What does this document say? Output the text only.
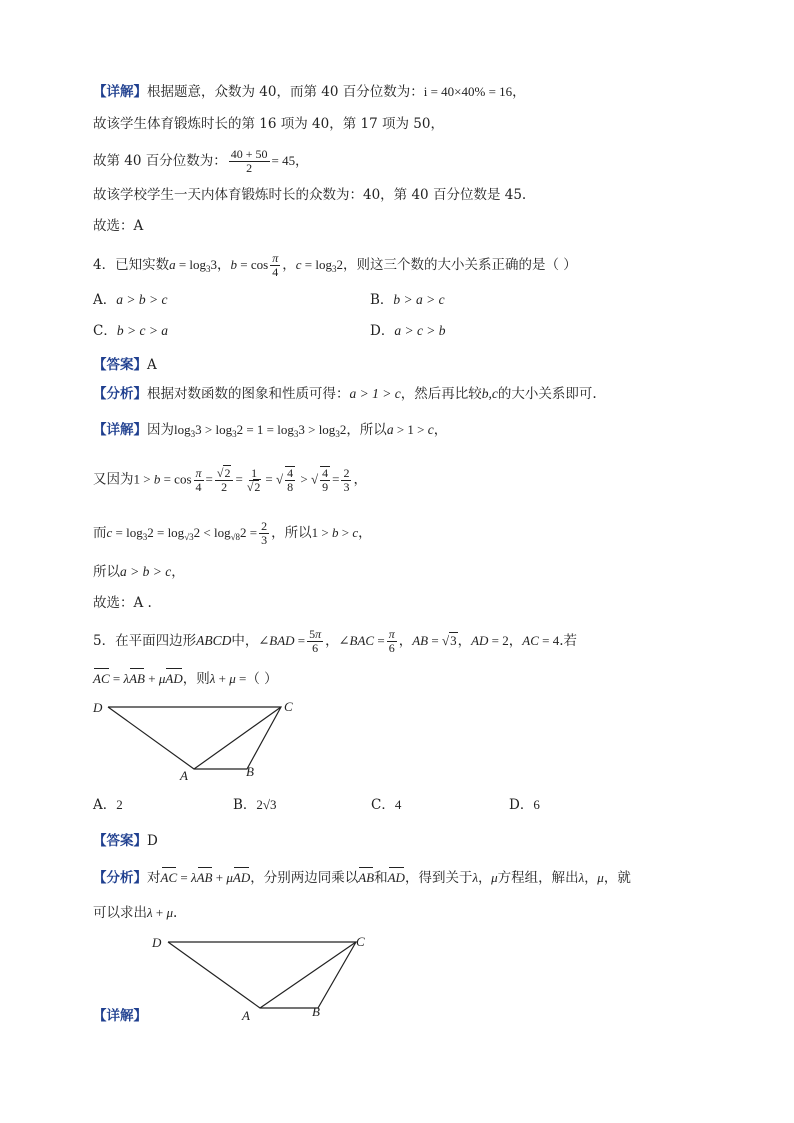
【详解】根据题意，众数为 40，而第 40 百分位数为：i = 40×40% = 16，
故该学生体育锻炼时长的第 16 项为 40，第 17 项为 50，
故第 40 百分位数为： $\frac{40 + 50}{2} = 45$，
故该学校学生一天内体育锻炼时长的众数为：40，第 40 百分位数是 45.
故选：A
4．已知实数$a = \log_33$，$b = \cos \frac{\pi}{4}$ ，$c = \log_32$，则这三个数的大小关系正确的是（ ）
A．a > b > c	B．b > a > c
C．b > c > a	D．a > c > b
【答案】A
【分析】根据对数函数的图象和性质可得：a > 1 > c，然后再比较b,c的大小关系即可.
【详解】因为$\log_33 > \log_32 = 1 = \log_33 > \log_32$，所以a > 1 > c，
又因为$1 > b = \cos \frac{\pi}{4} = \frac{√2}{2} = \frac{1}{√2}$ = √ $\frac{4}{8}$ > √ $\frac{4}{9} = \frac{2}{3}$ ，
而$c = \log_32 = \log_{√3}2 < \log_{√8}2 = \frac{2}{3}$ ，所以1 > b > c，
所以a > b > c，
故选：A .
5．在平面四边形ABCD中，∠BAD = $\frac{5\pi}{6}$ ，∠BAC = $\frac{\pi}{6}$ ，AB = √3，AD = 2，AC = 4.若
AC = λAB + μAD，则λ + μ =（ ）
D	C
A	B
A．2	B．2√3	C．4	D．6
【答案】D
【分析】对AC = λAB + μAD，分别两边同乘以AB和AD，得到关于λ，μ方程组，解出λ，μ，就
可以求出λ + μ.
D	C
A	B
【详解】
